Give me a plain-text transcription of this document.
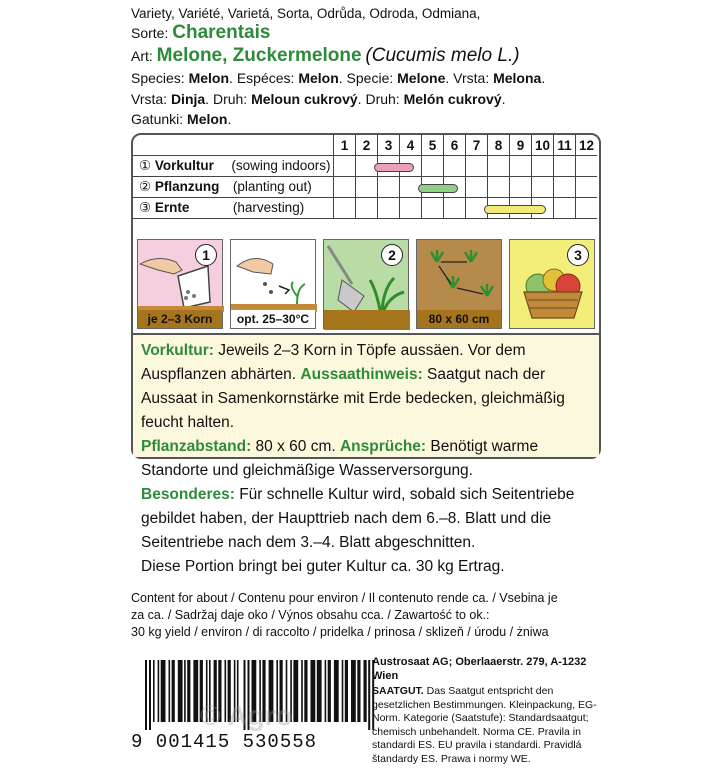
Variety, Variété, Varietá, Sorta, Odrůda, Odroda, Odmiana,
Sorte: Charentais
Art: Melone, Zuckermelone (Cucumis melo L.)
Species: Melon. Espéces: Melon. Specie: Melone. Vrsta: Melona.
Vrsta: Dinja. Druh: Meloun cukrový. Druh: Melón cukrový.
Gatunki: Melon.
	1	2	3	4	5	6	7	8	9	10	11	12
① Vorkultur (sowing indoors)												
② Pflanzung (planting out)												
③ Ernte (harvesting)												
1
je 2–3 Korn	opt. 25–30°C
2
80 x 60 cm
3
Vorkultur: Jeweils 2–3 Korn in Töpfe aussäen. Vor dem Auspflanzen abhärten. Aussaathinweis: Saatgut nach der Aussaat in Samenkornstärke mit Erde bedecken, gleichmäßig feucht halten.
Pflanzabstand: 80 x 60 cm. Ansprüche: Benötigt warme Standorte und gleichmäßige Wasserversorgung.
Besonderes: Für schnelle Kultur wird, sobald sich Seitentriebe gebildet haben, der Haupttrieb nach dem 6.–8. Blatt und die Seitentriebe nach dem 3.–4. Blatt abgeschnitten.
Diese Portion bringt bei guter Kultur ca. 30 kg Ertrag.
Content for about / Contenu pour environ / Il contenuto rende ca. / Vsebina je
za ca. / Sadržaj daje oko / Výnos obsahu cca. / Zawartość to ok.:
30 kg yield / environ / di raccolto / pridelka / prinosa / sklizeň / úrodu / żniwa
9 001415 530558
Austrosaat AG; Oberlaaerstr. 279, A-1232 Wien
SAATGUT. Das Saatgut entspricht den gesetzlichen Bestimmungen. Kleinpackung, EG-Norm. Kategorie (Saatstufe): Standardsaatgut; chemisch unbehandelt. Norma CE. Pravila in standardi ES. EU pravila i standardi. Pravidlá štandardy ES. Prawa i normy WE.
© Agro
